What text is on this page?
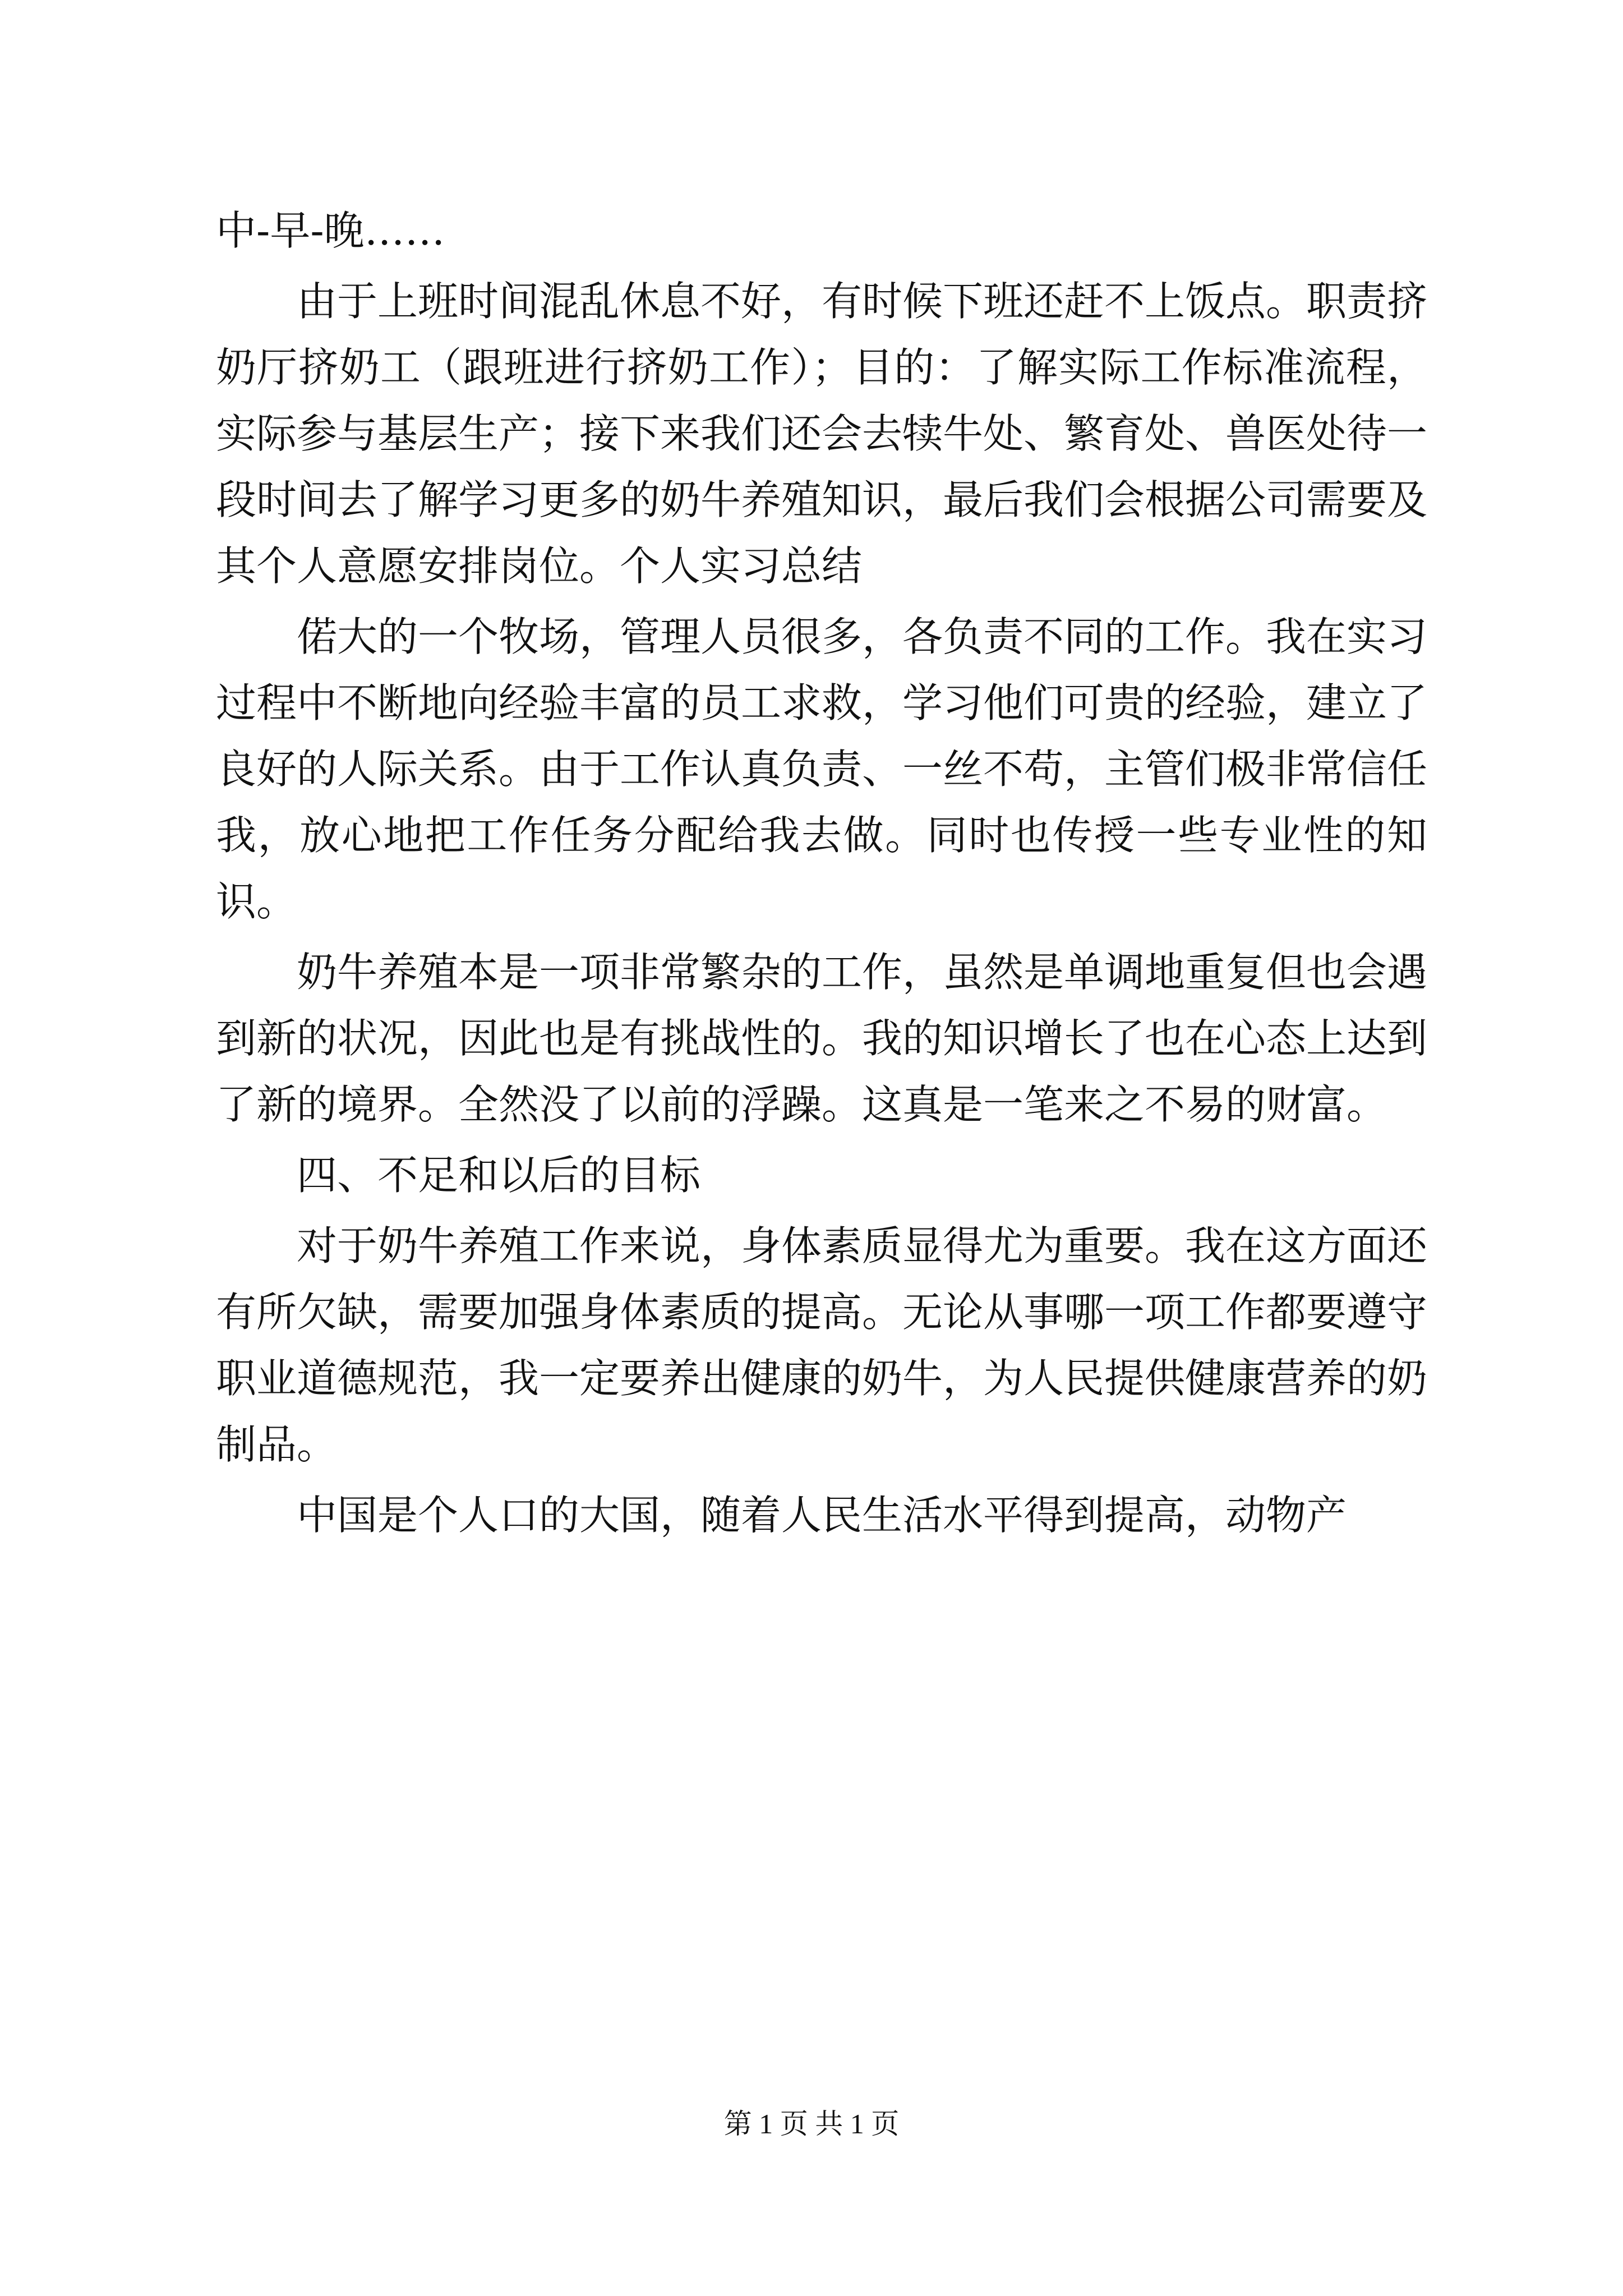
中-早-晚……

由于上班时间混乱休息不好，有时候下班还赶不上饭点。职责挤奶厅挤奶工（跟班进行挤奶工作）；目的：了解实际工作标准流程，实际参与基层生产；接下来我们还会去犊牛处、繁育处、兽医处待一段时间去了解学习更多的奶牛养殖知识，最后我们会根据公司需要及其个人意愿安排岗位。个人实习总结

偌大的一个牧场，管理人员很多，各负责不同的工作。我在实习过程中不断地向经验丰富的员工求救，学习他们可贵的经验，建立了良好的人际关系。由于工作认真负责、一丝不苟，主管们极非常信任我，放心地把工作任务分配给我去做。同时也传授一些专业性的知识。

奶牛养殖本是一项非常繁杂的工作，虽然是单调地重复但也会遇到新的状况，因此也是有挑战性的。我的知识增长了也在心态上达到了新的境界。全然没了以前的浮躁。这真是一笔来之不易的财富。

四、不足和以后的目标

对于奶牛养殖工作来说，身体素质显得尤为重要。我在这方面还有所欠缺，需要加强身体素质的提高。无论从事哪一项工作都要遵守职业道德规范，我一定要养出健康的奶牛，为人民提供健康营养的奶制品。

中国是个人口的大国，随着人民生活水平得到提高，动物产

第 1 页 共 1 页
